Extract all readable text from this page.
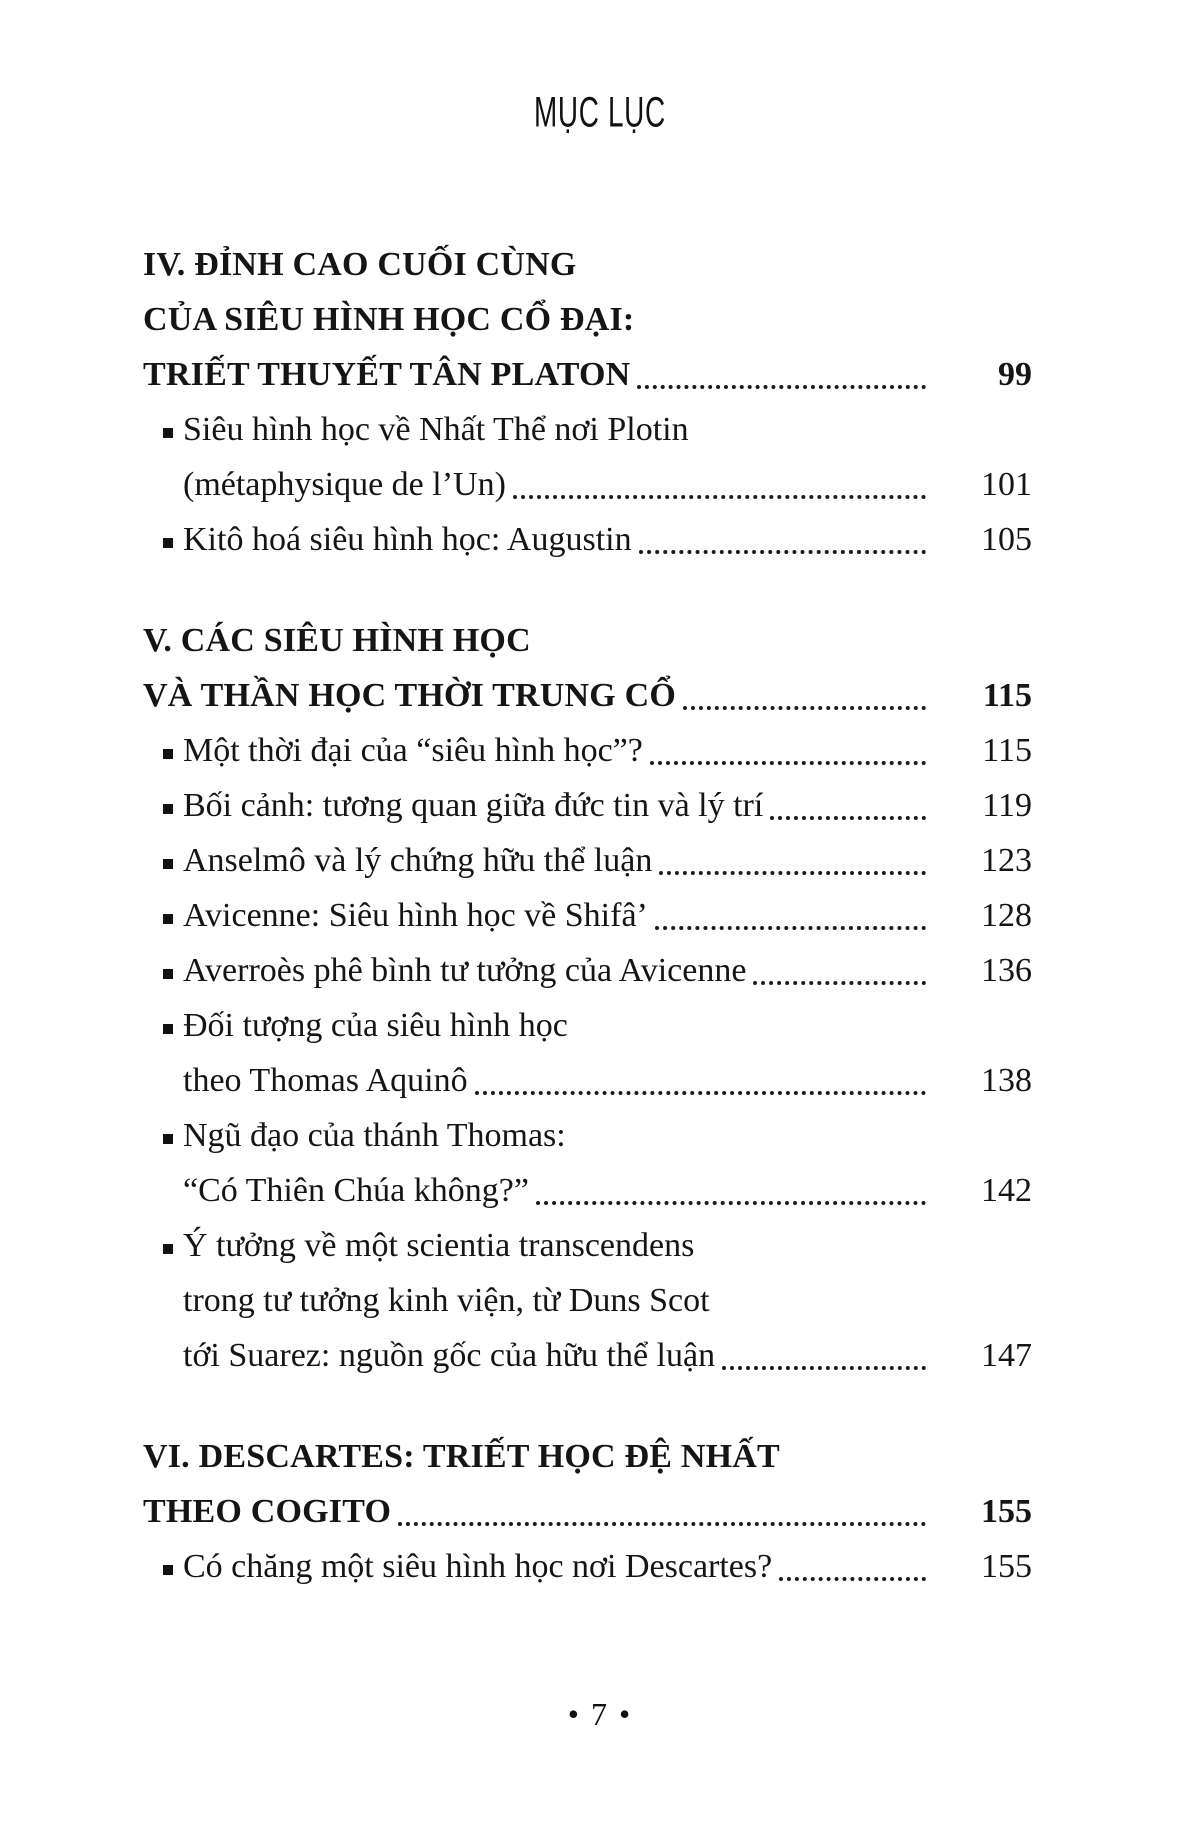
MỤC LỤC
IV. ĐỈNH CAO CUỐI CÙNG
CỦA SIÊU HÌNH HỌC CỔ ĐẠI:
TRIẾT THUYẾT TÂN PLATON	99
Siêu hình học về Nhất Thể nơi Plotin
(métaphysique de l’Un)	101
Kitô hoá siêu hình học: Augustin	105
V. CÁC SIÊU HÌNH HỌC
VÀ THẦN HỌC THỜI TRUNG CỔ	115
Một thời đại của “siêu hình học”?	115
Bối cảnh: tương quan giữa đức tin và lý trí	119
Anselmô và lý chứng hữu thể luận	123
Avicenne: Siêu hình học về Shifâ’	128
Averroès phê bình tư tưởng của Avicenne	136
Đối tượng của siêu hình học
theo Thomas Aquinô	138
Ngũ đạo của thánh Thomas:
“Có Thiên Chúa không?”	142
Ý tưởng về một scientia transcendens
trong tư tưởng kinh viện, từ Duns Scot
tới Suarez: nguồn gốc của hữu thể luận	147
VI. DESCARTES: TRIẾT HỌC ĐỆ NHẤT
THEO COGITO	155
Có chăng một siêu hình học nơi Descartes?	155
• 7 •
